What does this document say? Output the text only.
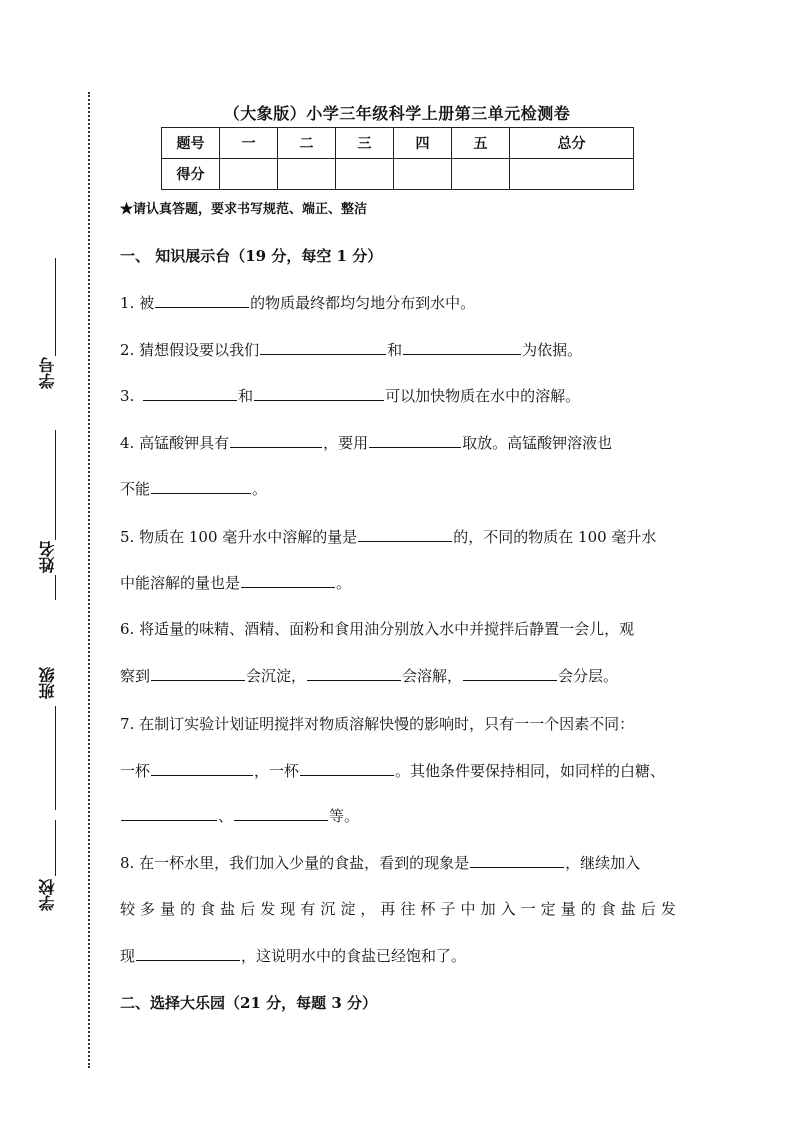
学号
姓名
班级
学校
（大象版）小学三年级科学上册第三单元检测卷
题号	一	二	三	四	五	总分
得分						
★请认真答题，要求书写规范、端正、整洁
一、 知识展示台（19 分，每空 1 分）
1. 被	的物质最终都均匀地分布到水中。
2. 猜想假设要以我们	和	为依据。
3.	和	可以加快物质在水中的溶解。
4. 高锰酸钾具有	，要用	取放。高锰酸钾溶液也
不能	。
5. 物质在 100 毫升水中溶解的量是	的，不同的物质在 100 毫升水
中能溶解的量也是	。
6. 将适量的味精、酒精、面粉和食用油分别放入水中并搅拌后静置一会儿，观
察到	会沉淀，	会溶解，	会分层。
7. 在制订实验计划证明搅拌对物质溶解快慢的影响时，只有一一个因素不同：
一杯	，一杯	。其他条件要保持相同，如同样的白糖、
、	等。
8. 在一杯水里，我们加入少量的食盐，看到的现象是	，继续加入
较 多 量 的 食 盐 后 发 现 有 沉 淀 ， 再 往 杯 子 中 加 入 一 定 量 的 食 盐 后 发
现	，这说明水中的食盐已经饱和了。
二、选择大乐园（21 分，每题 3 分）
